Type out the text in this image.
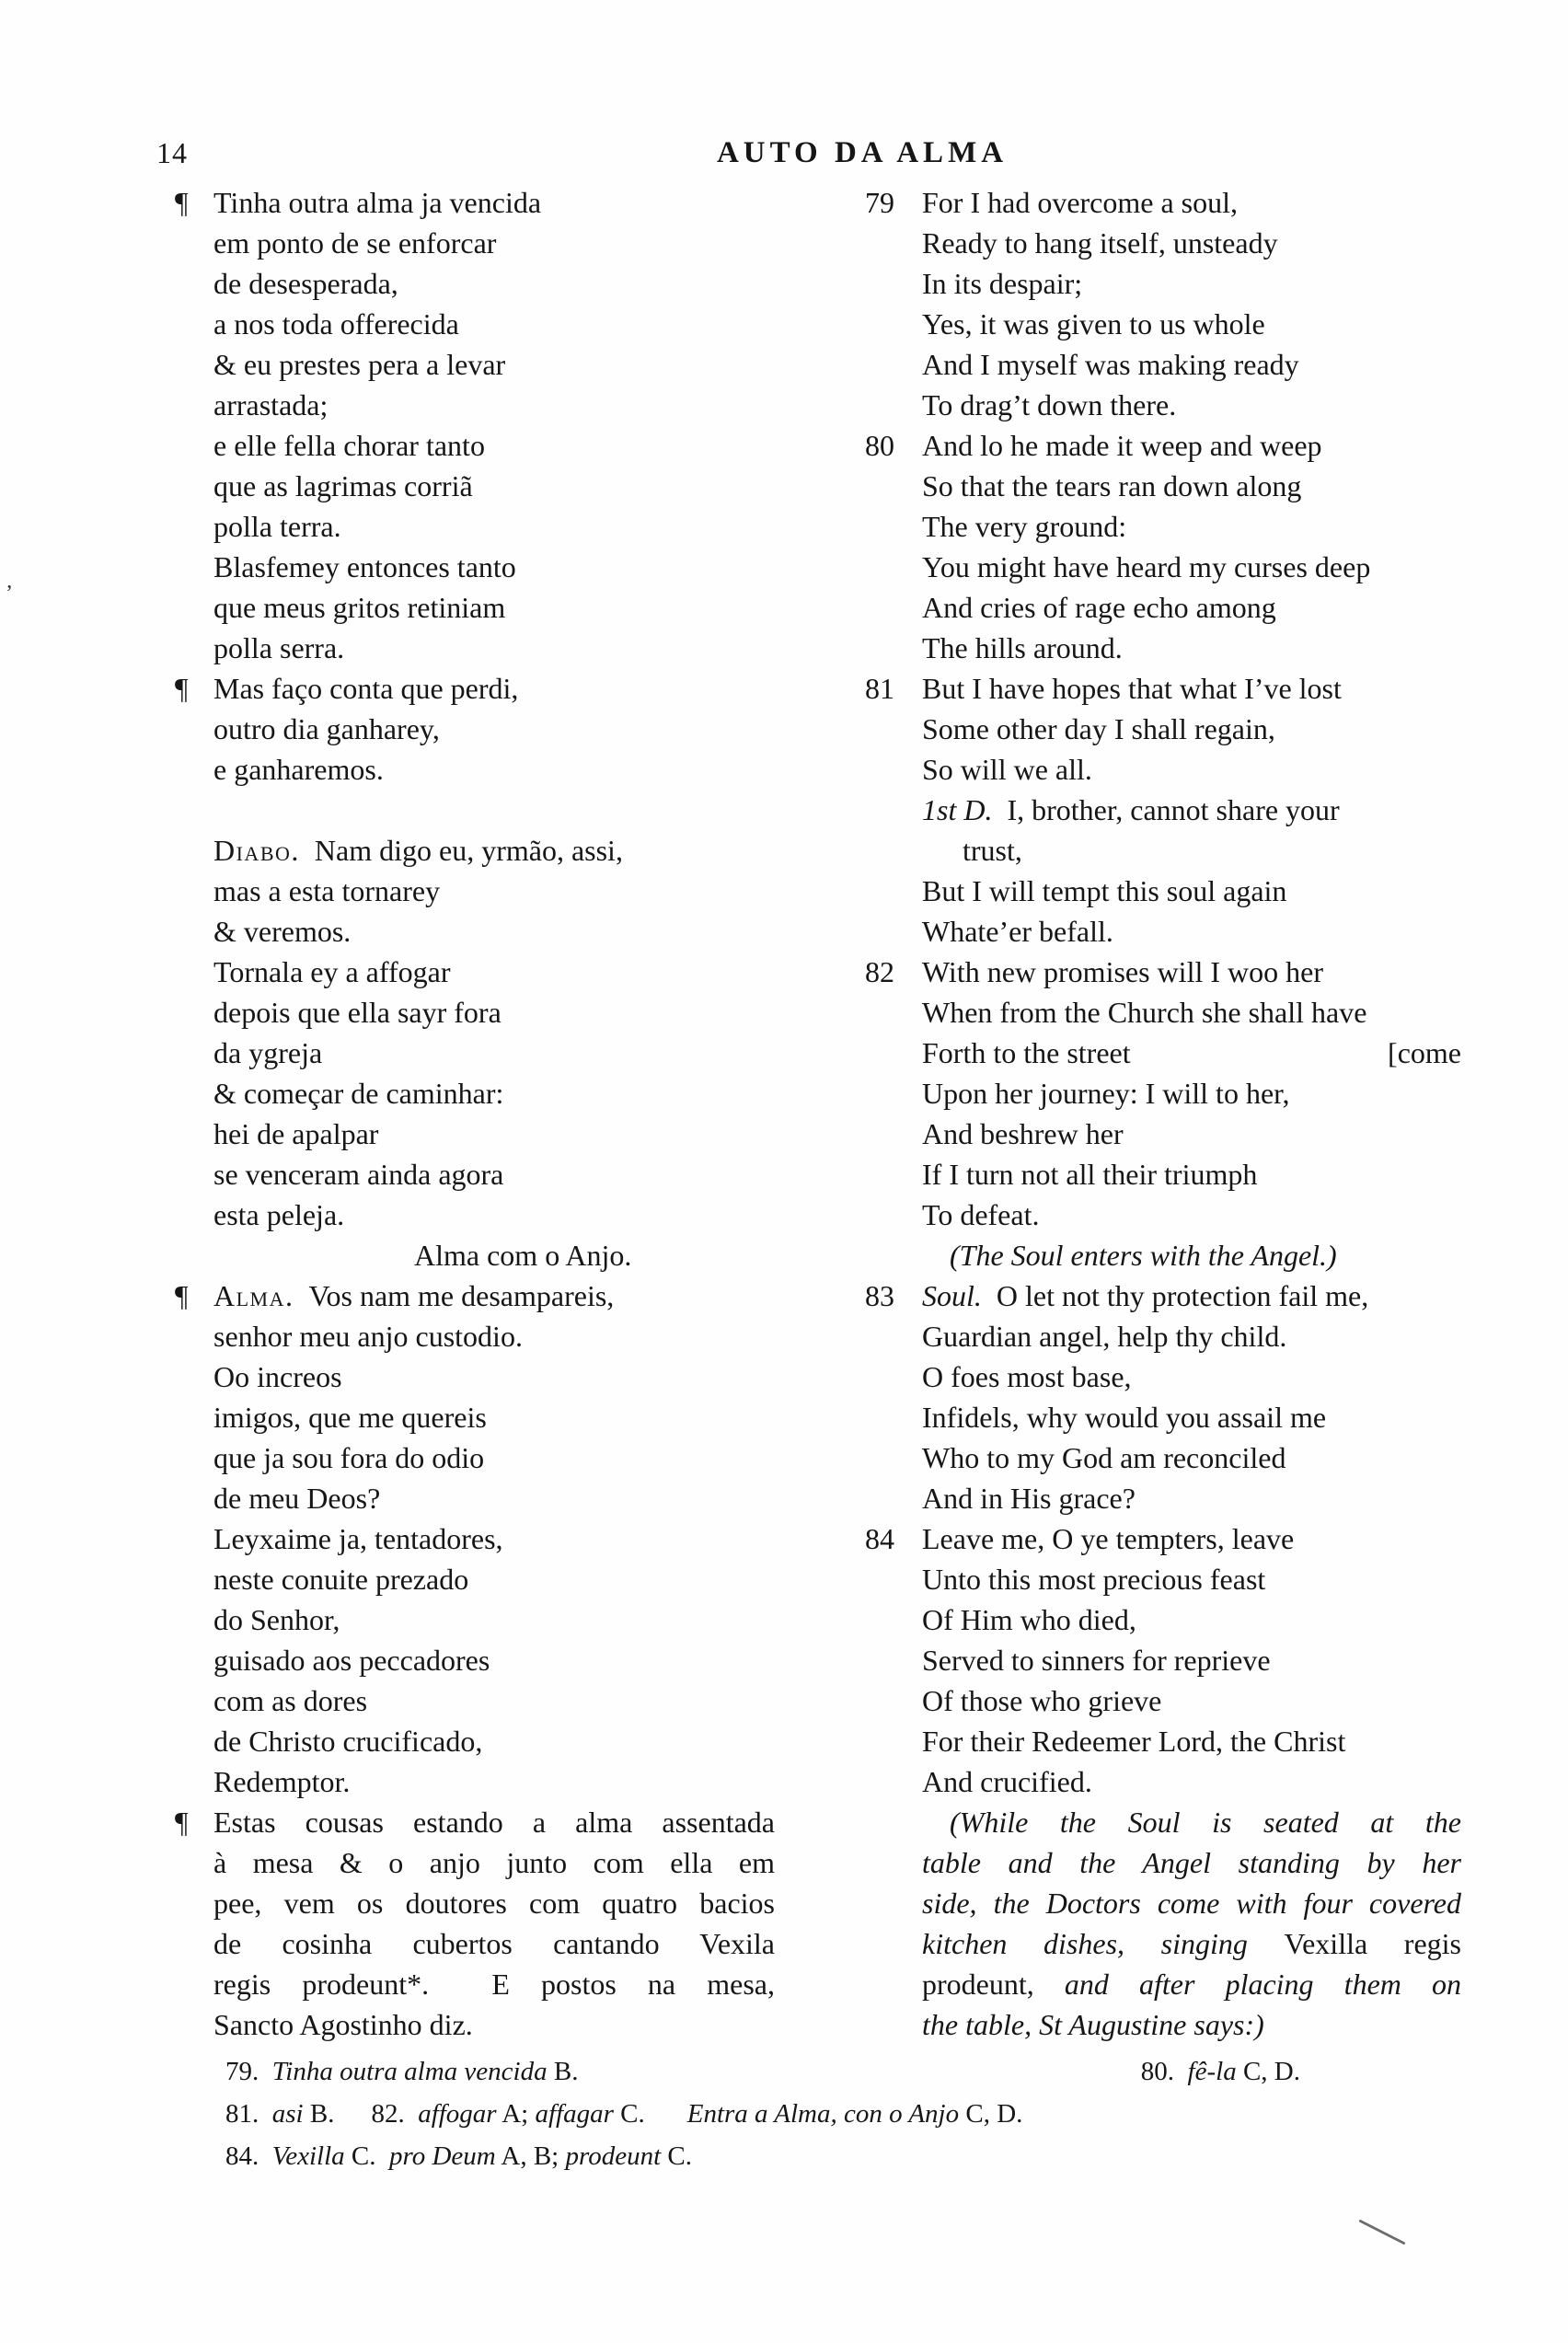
’
14	AUTO DA ALMA
¶ Tinha outra alma ja vencida
em ponto de se enforcar
de desesperada,
a nos toda offerecida
& eu prestes pera a levar
arrastada;
e elle fella chorar tanto
que as lagrimas corriã
polla terra.
Blasfemey entonces tanto
que meus gritos retiniam
polla serra.
¶ Mas faço conta que perdi,
outro dia ganharey,
e ganharemos.
Diabo.  Nam digo eu, yrmão, assi,
mas a esta tornarey
& veremos.
Tornala ey a affogar
depois que ella sayr fora
da ygreja
& começar de caminhar:
hei de apalpar
se venceram ainda agora
esta peleja.
Alma com o Anjo.
¶ Alma.  Vos nam me desampareis,
senhor meu anjo custodio.
Oo increos
imigos, que me quereis
que ja sou fora do odio
de meu Deos?
Leyxaime ja, tentadores,
neste conuite prezado
do Senhor,
guisado aos peccadores
com as dores
de Christo crucificado,
Redemptor.
¶ Estas cousas estando a alma assentada
à mesa & o anjo junto com ella em
pee, vem os doutores com quatro bacios
de cosinha cubertos cantando Vexila
regis prodeunt*.  E postos na mesa,
Sancto Agostinho diz.
79 For I had overcome a soul,
Ready to hang itself, unsteady
In its despair;
Yes, it was given to us whole
And I myself was making ready
To drag’t down there.
80 And lo he made it weep and weep
So that the tears ran down along
The very ground:
You might have heard my curses deep
And cries of rage echo among
The hills around.
81 But I have hopes that what I’ve lost
Some other day I shall regain,
So will we all.
1st D.  I, brother, cannot share your
trust,
But I will tempt this soul again
Whate’er befall.
82 With new promises will I woo her
When from the Church she shall have
Forth to the street	[come
Upon her journey: I will to her,
And beshrew her
If I turn not all their triumph
To defeat.
(The Soul enters with the Angel.)
83 Soul.  O let not thy protection fail me,
Guardian angel, help thy child.
O foes most base,
Infidels, why would you assail me
Who to my God am reconciled
And in His grace?
84 Leave me, O ye tempters, leave
Unto this most precious feast
Of Him who died,
Served to sinners for reprieve
Of those who grieve
For their Redeemer Lord, the Christ
And crucified.
(While the Soul is seated at the
table and the Angel standing by her
side, the Doctors come with four covered
kitchen dishes, singing Vexilla regis
prodeunt, and after placing them on
the table, St Augustine says:)
79.  Tinha outra alma vencida B.	80.  fê-la C, D.
81.  asi B. 82.  affogar A; affagar C. Entra a Alma, con o Anjo C, D.
84.  Vexilla C.  pro Deum A, B; prodeunt C.
